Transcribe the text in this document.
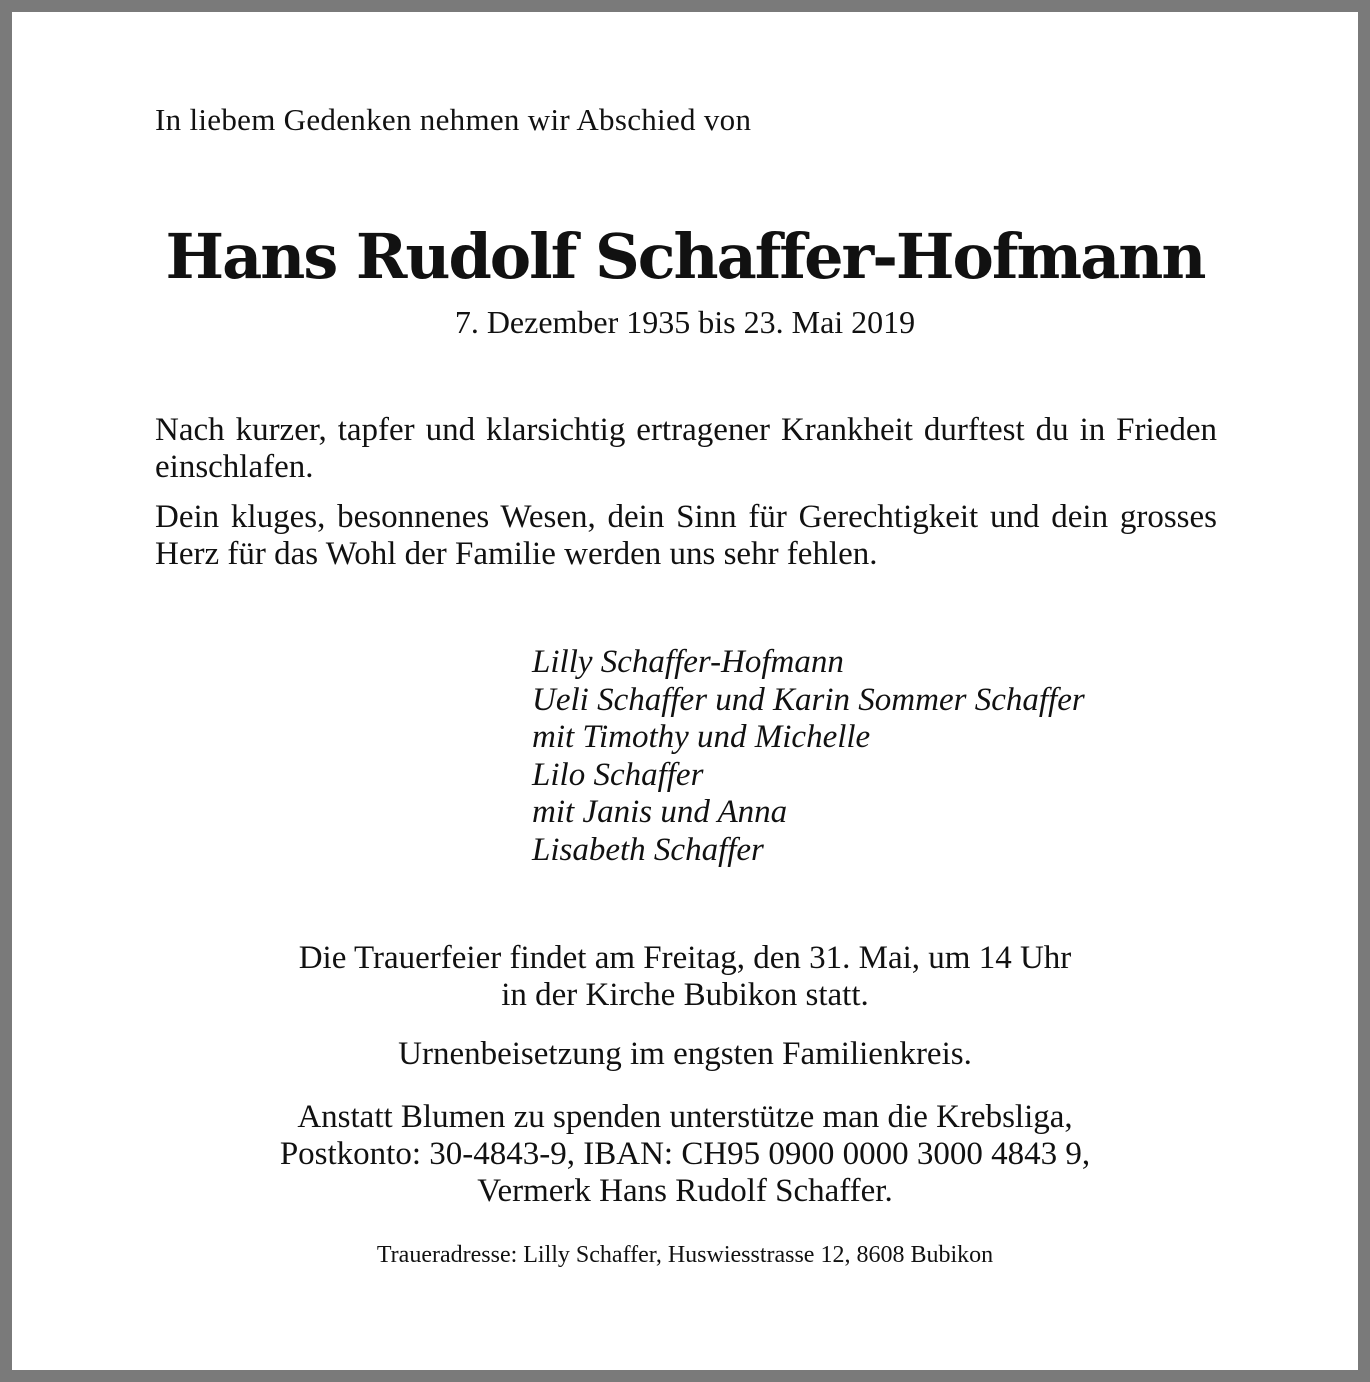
In liebem Gedenken nehmen wir Abschied von
Hans Rudolf Schaffer-Hofmann
7. Dezember 1935 bis 23. Mai 2019
Nach kurzer, tapfer und klarsichtig ertragener Krankheit durftest du in Frieden einschlafen.
Dein kluges, besonnenes Wesen, dein Sinn für Gerechtigkeit und dein grosses Herz für das Wohl der Familie werden uns sehr fehlen.
Lilly Schaffer-Hofmann
Ueli Schaffer und Karin Sommer Schaffer
mit Timothy und Michelle
Lilo Schaffer
mit Janis und Anna
Lisabeth Schaffer
Die Trauerfeier findet am Freitag, den 31. Mai, um 14 Uhr
in der Kirche Bubikon statt.
Urnenbeisetzung im engsten Familienkreis.
Anstatt Blumen zu spenden unterstütze man die Krebsliga,
Postkonto: 30-4843-9, IBAN: CH95 0900 0000 3000 4843 9,
Vermerk Hans Rudolf Schaffer.
Traueradresse: Lilly Schaffer, Huswiesstrasse 12, 8608 Bubikon
